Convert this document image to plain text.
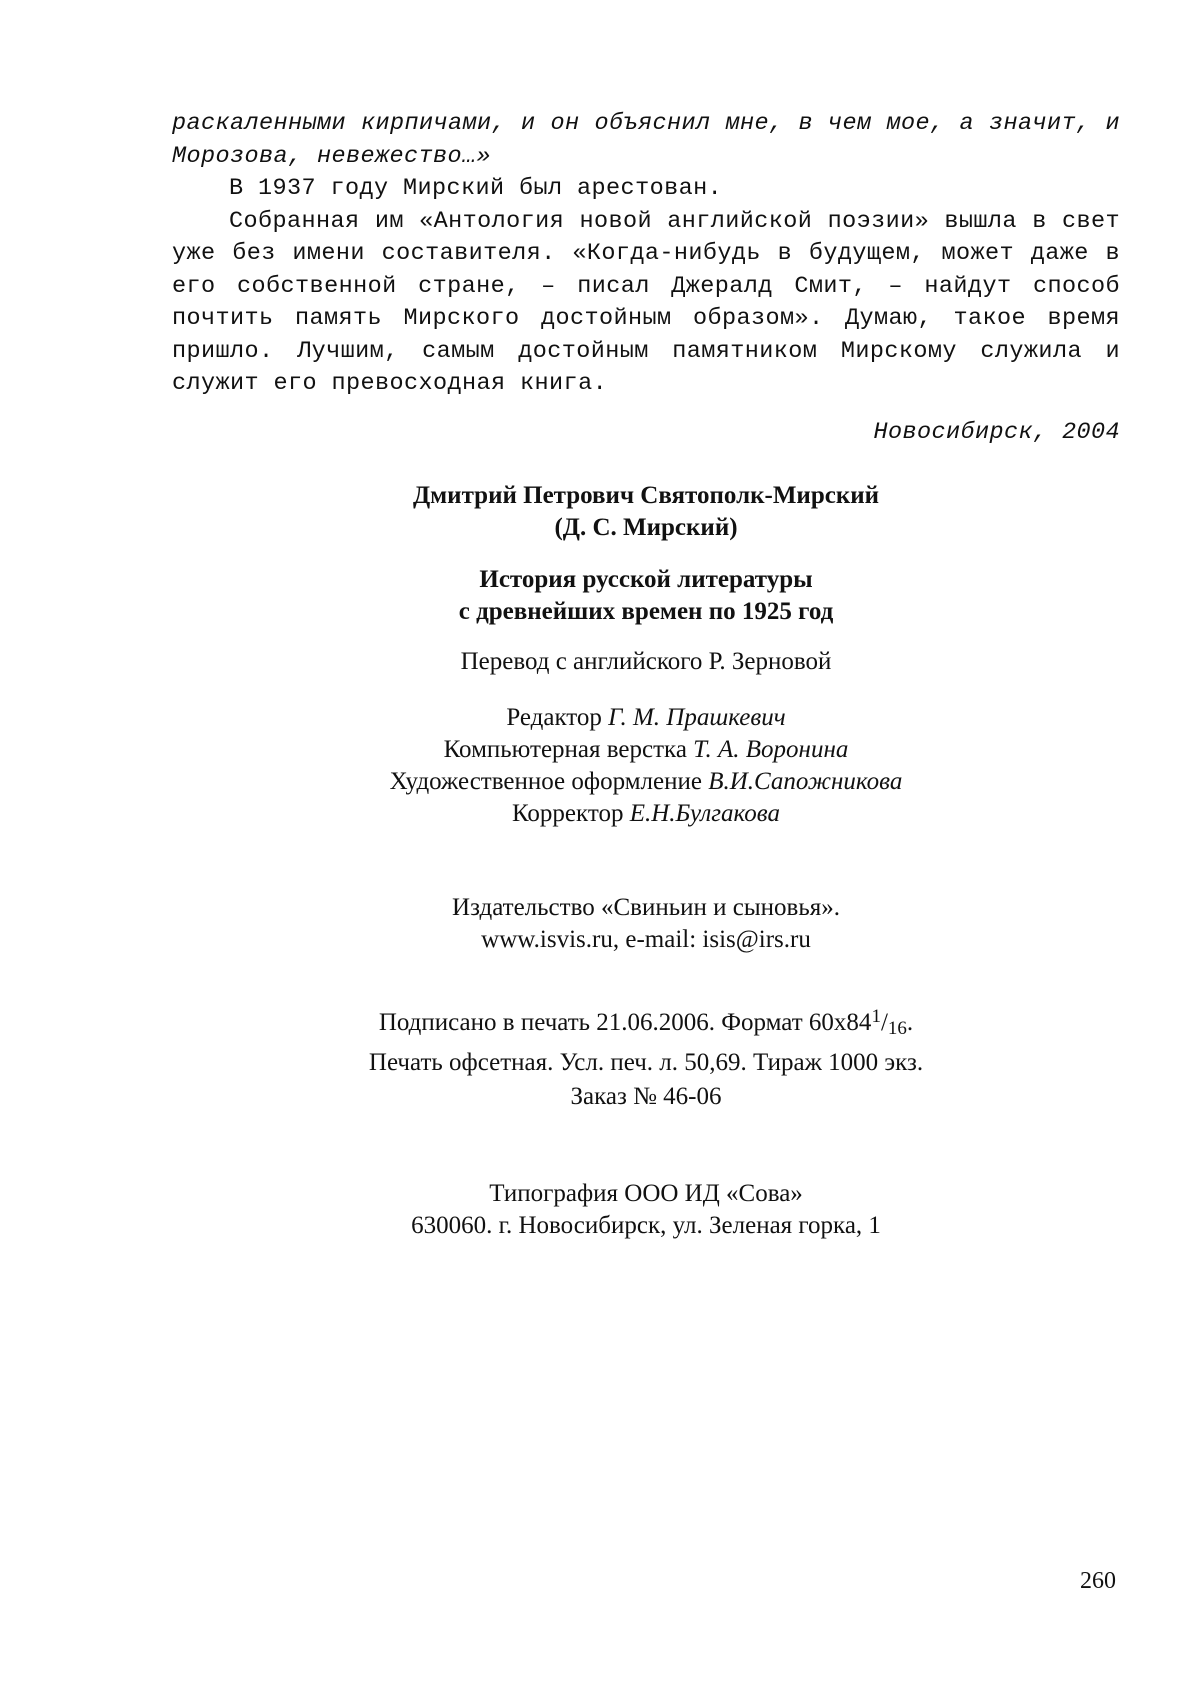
раскаленными кирпичами, и он объяснил мне, в чем мое, а значит, и Морозова, невежество…»

В 1937 году Мирский был арестован.

Собранная им «Антология новой английской поэзии» вышла в свет уже без имени составителя. «Когда-нибудь в будущем, может даже в его собственной стране, – писал Джералд Смит, – найдут способ почтить память Мирского достойным образом». Думаю, такое время пришло. Лучшим, самым достойным памятником Мирскому служила и служит его превосходная книга.

Новосибирск, 2004

Дмитрий Петрович Святополк-Мирский

(Д. С. Мирский)

История русской литературы

с древнейших времен по 1925 год

Перевод с английского Р. Зерновой

Редактор Г. М. Прашкевич

Компьютерная верстка Т. А. Воронина

Художественное оформление В.И.Сапожникова

Корректор Е.Н.Булгакова

Издательство «Свиньин и сыновья».

www.isvis.ru, e-mail: isis@irs.ru

Подписано в печать 21.06.2006. Формат $60х84^1/_{16}$.

Печать офсетная. Усл. печ. л. 50,69. Тираж 1000 экз.

Заказ № 46-06

Типография ООО ИД «Сова»

630060. г. Новосибирск, ул. Зеленая горка, 1

260
